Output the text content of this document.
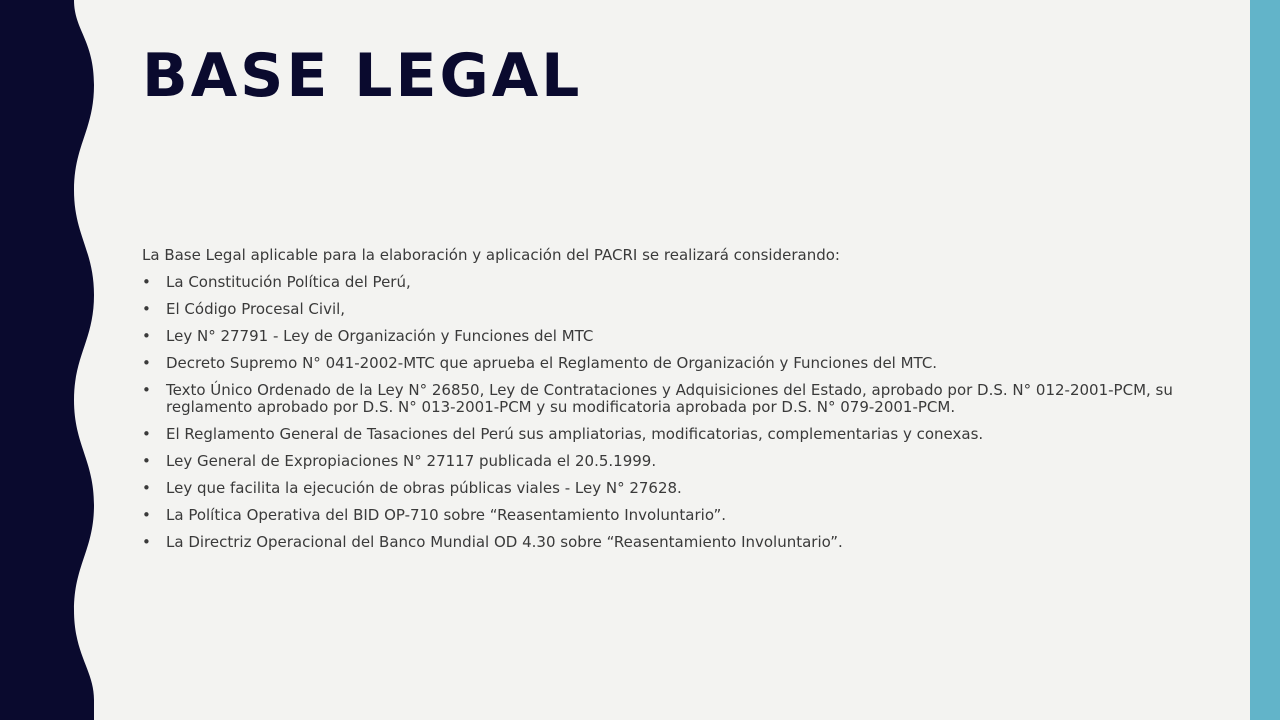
BASE LEGAL

La Base Legal aplicable para la elaboración y aplicación del PACRI se realizará considerando:

• La Constitución Política del Perú,
• El Código Procesal Civil,
• Ley N° 27791 - Ley de Organización y Funciones del MTC
• Decreto Supremo N° 041-2002-MTC que aprueba el Reglamento de Organización y Funciones del MTC.
• Texto Único Ordenado de la Ley N° 26850, Ley de Contrataciones y Adquisiciones del Estado, aprobado por D.S. N° 012-2001-PCM, su reglamento aprobado por D.S. N° 013-2001-PCM y su modificatoria aprobada por D.S. N° 079-2001-PCM.
• El Reglamento General de Tasaciones del Perú sus ampliatorias, modificatorias, complementarias y conexas.
• Ley General de Expropiaciones N° 27117 publicada el 20.5.1999.
• Ley que facilita la ejecución de obras públicas viales - Ley N° 27628.
• La Política Operativa del BID OP-710 sobre “Reasentamiento Involuntario”.
• La Directriz Operacional del Banco Mundial OD 4.30 sobre “Reasentamiento Involuntario”.
